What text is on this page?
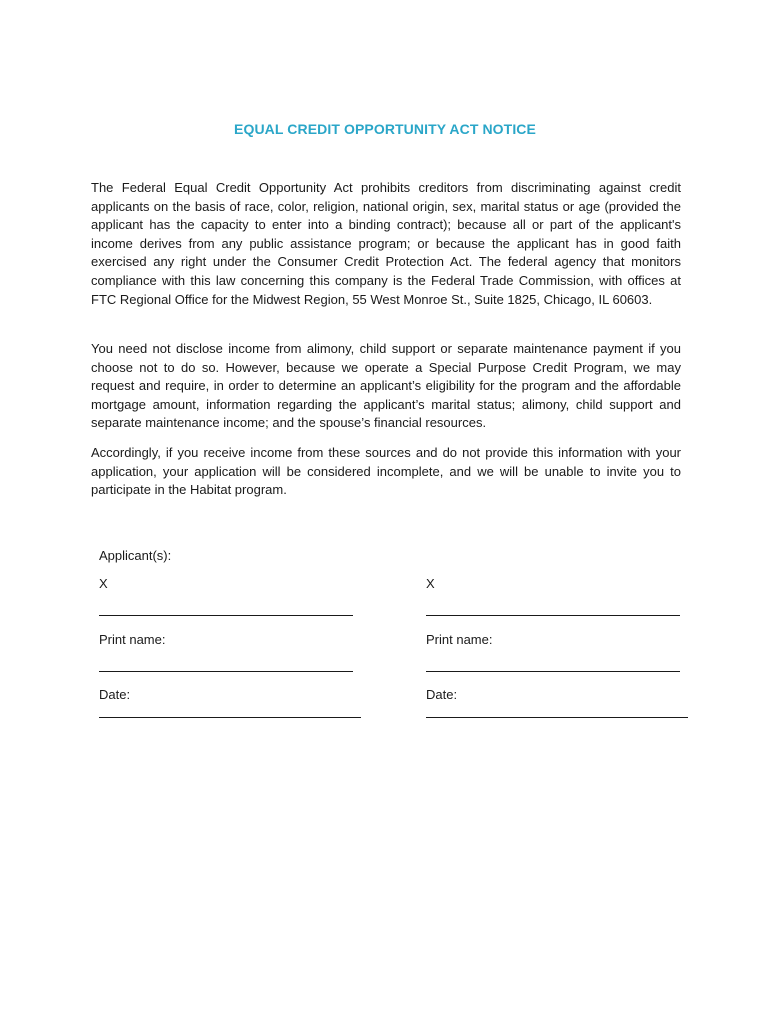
EQUAL CREDIT OPPORTUNITY ACT NOTICE

The Federal Equal Credit Opportunity Act prohibits creditors from discriminating against credit applicants on the basis of race, color, religion, national origin, sex, marital status or age (provided the applicant has the capacity to enter into a binding contract); because all or part of the applicant's income derives from any public assistance program; or because the applicant has in good faith exercised any right under the Consumer Credit Protection Act. The federal agency that monitors compliance with this law concerning this company is the Federal Trade Commission, with offices at FTC Regional Office for the Midwest Region, 55 West Monroe St., Suite 1825, Chicago, IL 60603.

You need not disclose income from alimony, child support or separate maintenance payment if you choose not to do so. However, because we operate a Special Purpose Credit Program, we may request and require, in order to determine an applicant’s eligibility for the program and the affordable mortgage amount, information regarding the applicant’s marital status; alimony, child support and separate maintenance income; and the spouse’s financial resources.

Accordingly, if you receive income from these sources and do not provide this information with your application, your application will be considered incomplete, and we will be unable to invite you to participate in the Habitat program.

Applicant(s):
X
Print name:
Date:
X
Print name:
Date:
